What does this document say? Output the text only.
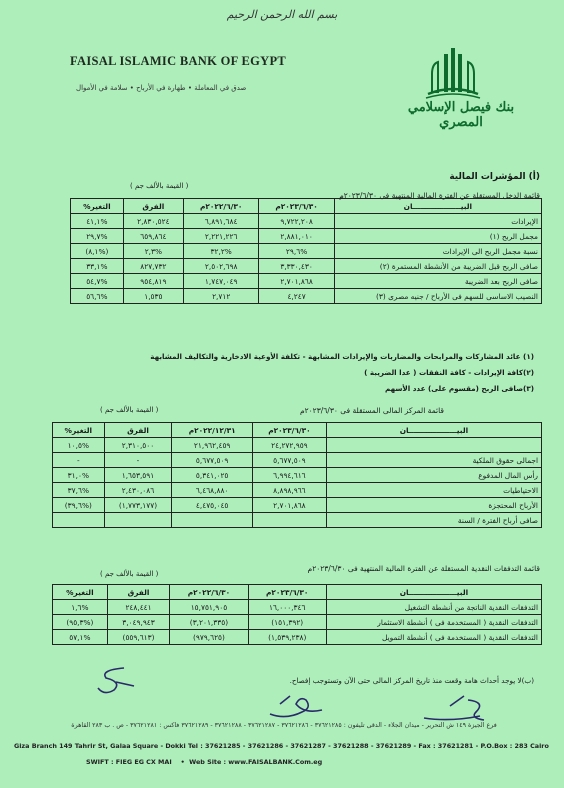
بسم الله الرحمن الرحيم
FAISAL ISLAMIC BANK OF EGYPT
صدق في المعاملة • طهارة في الأرباح • سلامة في الأموال
بنك فيصل الإسلامي المصري
(أ) المؤشرات المالية
قائمة الدخل المستقلة عن الفترة المالية المنتهية فى ٢٠٢٣/٦/٣٠م
( القيمة بالألف جم )
البيـــــــــــــــــــان	٢٠٢٣/٦/٣٠م	٢٠٢٢/٦/٣٠م	الفرق	التغير%
الإيرادات	٩,٧٢٢,٢٠٨	٦,٨٩١,٦٨٤	٢,٨٣٠,٥٢٤	%٤١,١
مجمل الربح (١)	٢,٨٨١,٠١٠	٢,٢٢١,٢٢٦	٦٥٩,٨٦٤	%٢٩,٧
نسبة مجمل الربح الى الإيرادات	%٢٩,٦	%٣٢,٢	%٢,٣	(%٨,١)
صافى الربح قبل الضريبة من الأنشطة المستمرة (٢)	٣,٣٣٠,٤٣٠	٢,٥٠٢,٦٩٨	٨٢٧,٧٣٢	%٣٣,١
صافى الربح بعد الضريبة	٢,٧٠١,٨٦٨	١,٧٤٧,٠٤٩	٩٥٤,٨١٩	%٥٤,٧
النصيب الاساسى للسهم فى الأرباح / جنيه مصرى (٣)	٤,٢٤٧	٢,٧١٢	١,٥٣٥	%٥٦,٦
(١) عائد المشاركات والمرابحات والمضاربات والإيرادات المشابهة - تكلفة الأوعية الادخارية والتكاليف المشابهة
(٢)كافة الإيرادات - كافة النفقات ( عدا الضريبة )
(٣)صافى الربح (مقسوم على) عدد الأسهم
قائمة المركز المالى المستقلة فى ٢٠٢٣/٦/٣٠م
( القيمة بالألف جم )
البيـــــــــــــــــــان	٢٠٢٣/٦/٣٠م	٢٠٢٢/١٢/٣١م	الفرق	التغير%
	٢٤,٢٧٢,٩٥٩	٢١,٩٦٢,٤٥٩	٢,٣١٠,٥٠٠	%١٠,٥
اجمالى حقوق الملكية	٥,٦٧٧,٥٠٩	٥,٦٧٧,٥٠٩	-	-
رأس المال المدفوع	٦,٩٩٤,٦١٦	٥,٣٤١,٠٢٥	١,٦٥٣,٥٩١	%٣١,٠
الاحتياطيات	٨,٨٩٨,٩٦٦	٦,٤٦٨,٨٨٠	٢,٤٣٠,٠٨٦	%٣٧,٦
الأرباح المحتجزة	٢,٧٠١,٨٦٨	٤,٤٧٥,٠٤٥	(١,٧٧٣,١٧٧)	(%٣٩,٦)
صافى أرباح الفترة / السنة				
قائمة التدفقات النقدية المستقلة عن الفترة المالية المنتهية فى ٢٠٢٣/٦/٣٠م
( القيمة بالألف جم )
البيـــــــــــــــــــان	٢٠٢٣/٦/٣٠م	٢٠٢٢/٦/٣٠م	الفرق	التغير%
التدفقات النقدية الناتجة من أنشطة التشغيل	١٦,٠٠٠,٣٤٦	١٥,٧٥١,٩٠٥	٢٤٨,٤٤١	%١,٦
التدفقات النقدية ( المستخدمة فى ) أنشطة الاستثمار	(١٥١,٣٩٢)	(٣,٢٠١,٣٣٥)	٣,٠٤٩,٩٤٣	(%٩٥,٣)
التدفقات النقدية ( المستخدمة فى ) أنشطة التمويل	(١,٥٣٩,٢٣٨)	(٩٧٩,٦٢٥)	(٥٥٩,٦١٣)	%٥٧,١
(ب)لا يوجد أحداث هامة وقعت منذ تاريخ المركز المالى حتى الآن وتستوجب إفصاح.
فرع الجيزة ١٤٩ ش التحرير - ميدان الجلاء - الدقى تليفون : ٣٧٦٢١٢٨٥ - ٣٧٦٢١٢٨٦ - ٣٧٦٢١٢٨٧ - ٣٧٦٢١٢٨٨ - ٣٧٦٢١٢٨٩ فاكس : ٣٧٦٢١٢٨١ - ص . ب ٢٨٣ القاهرة
Giza Branch 149 Tahrir St, Galaa Square - Dokki Tel : 37621285 - 37621286 - 37621287 - 37621288 - 37621289 - Fax : 37621281 - P.O.Box : 283 Cairo
SWIFT : FIEG EG CX MAI    •  Web Site : www.FAISALBANK.Com.eg
